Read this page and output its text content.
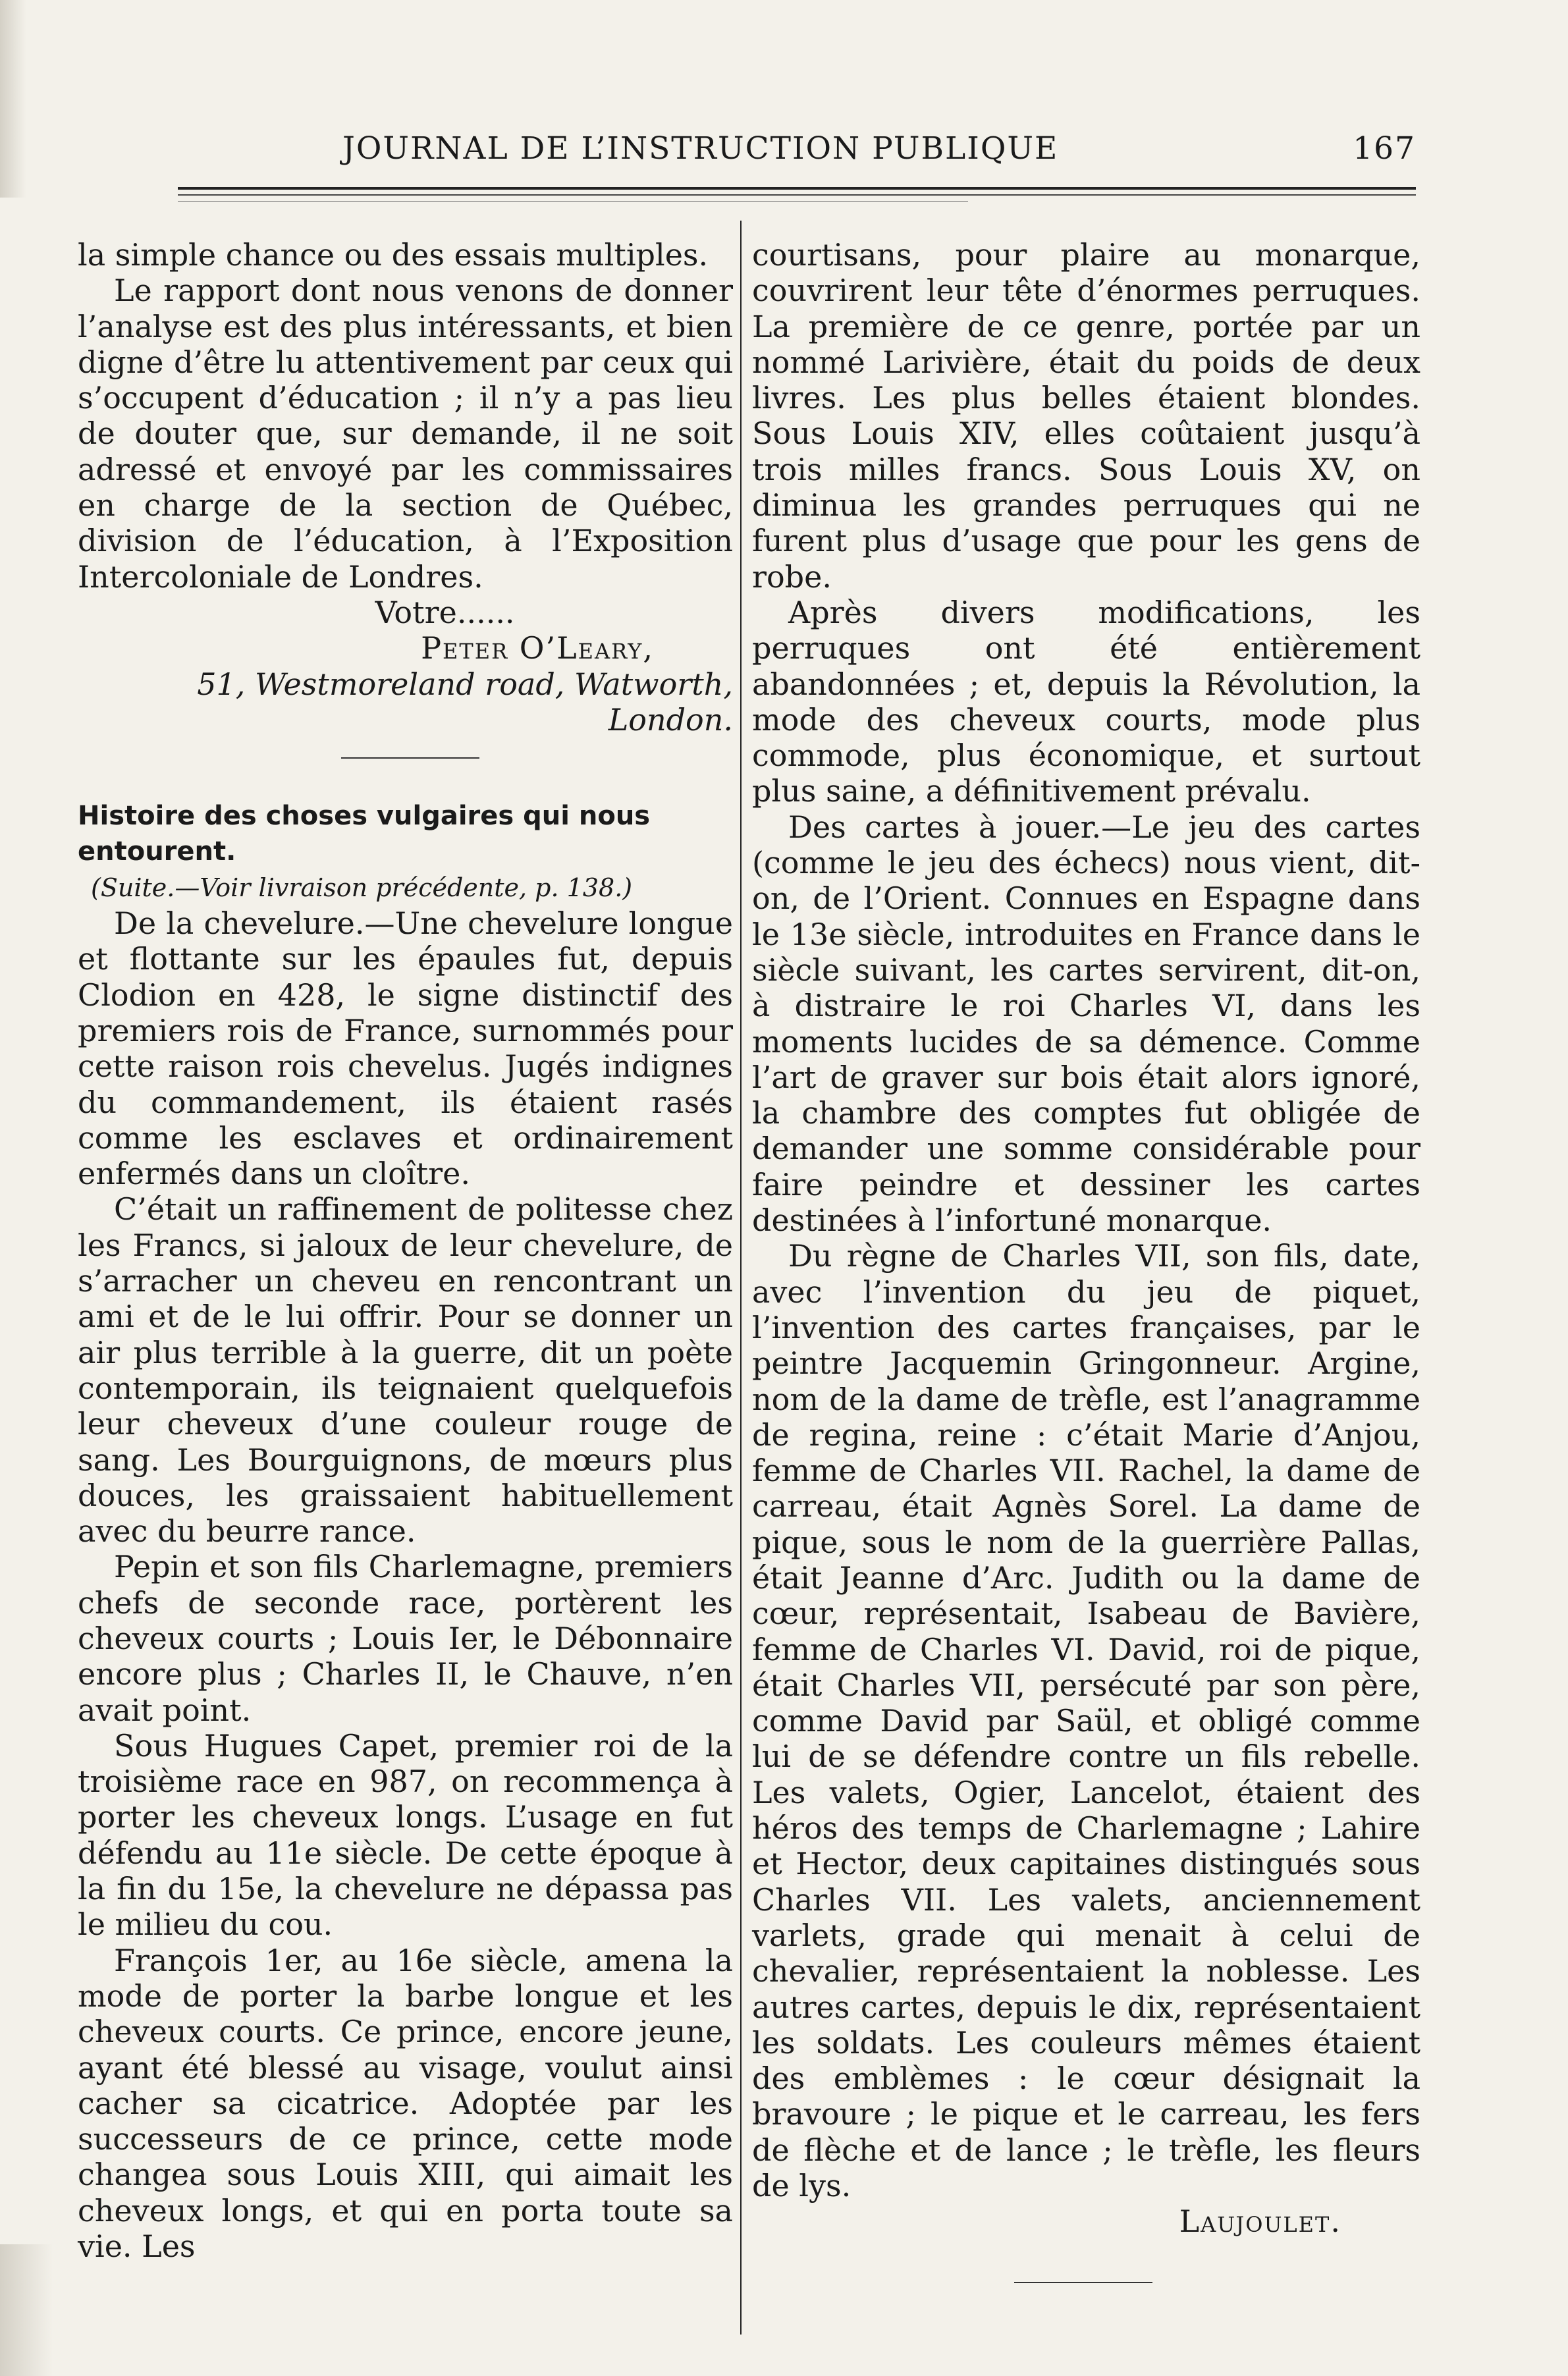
JOURNAL DE L’INSTRUCTION PUBLIQUE	167

la simple chance ou des essais multiples.

Le rapport dont nous venons de donner l’analyse est des plus intéressants, et bien digne d’être lu attentivement par ceux qui s’occupent d’éducation ; il n’y a pas lieu de douter que, sur demande, il ne soit adressé et envoyé par les commissaires en charge de la section de Québec, division de l’éducation, à l’Exposition Intercoloniale de Londres.

Votre......

Peter O’Leary,

51, Westmoreland road, Watworth, London.

Histoire des choses vulgaires qui nous entourent.

(Suite.—Voir livraison précédente, p. 138.)

De la chevelure.—Une chevelure longue et flottante sur les épaules fut, depuis Clodion en 428, le signe distinctif des premiers rois de France, surnommés pour cette raison rois chevelus. Jugés indignes du commandement, ils étaient rasés comme les esclaves et ordinairement enfermés dans un cloître.

C’était un raffinement de politesse chez les Francs, si jaloux de leur chevelure, de s’arracher un cheveu en rencontrant un ami et de le lui offrir. Pour se donner un air plus terrible à la guerre, dit un poète contemporain, ils teignaient quelquefois leur cheveux d’une couleur rouge de sang. Les Bourguignons, de mœurs plus douces, les graissaient habituellement avec du beurre rance.

Pepin et son fils Charlemagne, premiers chefs de seconde race, portèrent les cheveux courts ; Louis Ier, le Débonnaire encore plus ; Charles II, le Chauve, n’en avait point.

Sous Hugues Capet, premier roi de la troisième race en 987, on recommença à porter les cheveux longs. L’usage en fut défendu au 11e siècle. De cette époque à la fin du 15e, la chevelure ne dépassa pas le milieu du cou.

François 1er, au 16e siècle, amena la mode de porter la barbe longue et les cheveux courts. Ce prince, encore jeune, ayant été blessé au visage, voulut ainsi cacher sa cicatrice. Adoptée par les successeurs de ce prince, cette mode changea sous Louis XIII, qui aimait les cheveux longs, et qui en porta toute sa vie. Les

courtisans, pour plaire au monarque, couvrirent leur tête d’énormes perruques. La première de ce genre, portée par un nommé Larivière, était du poids de deux livres. Les plus belles étaient blondes. Sous Louis XIV, elles coûtaient jusqu’à trois milles francs. Sous Louis XV, on diminua les grandes perruques qui ne furent plus d’usage que pour les gens de robe.

Après divers modifications, les perruques ont été entièrement abandonnées ; et, depuis la Révolution, la mode des cheveux courts, mode plus commode, plus économique, et surtout plus saine, a définitivement prévalu.

Des cartes à jouer.—Le jeu des cartes (comme le jeu des échecs) nous vient, dit-on, de l’Orient. Connues en Espagne dans le 13e siècle, introduites en France dans le siècle suivant, les cartes servirent, dit-on, à distraire le roi Charles VI, dans les moments lucides de sa démence. Comme l’art de graver sur bois était alors ignoré, la chambre des comptes fut obligée de demander une somme considérable pour faire peindre et dessiner les cartes destinées à l’infortuné monarque.

Du règne de Charles VII, son fils, date, avec l’invention du jeu de piquet, l’invention des cartes françaises, par le peintre Jacquemin Gringonneur. Argine, nom de la dame de trèfle, est l’anagramme de regina, reine : c’était Marie d’Anjou, femme de Charles VII. Rachel, la dame de carreau, était Agnès Sorel. La dame de pique, sous le nom de la guerrière Pallas, était Jeanne d’Arc. Judith ou la dame de cœur, représentait, Isabeau de Bavière, femme de Charles VI. David, roi de pique, était Charles VII, persécuté par son père, comme David par Saül, et obligé comme lui de se défendre contre un fils rebelle. Les valets, Ogier, Lancelot, étaient des héros des temps de Charlemagne ; Lahire et Hector, deux capitaines distingués sous Charles VII. Les valets, anciennement varlets, grade qui menait à celui de chevalier, représentaient la noblesse. Les autres cartes, depuis le dix, représentaient les soldats. Les couleurs mêmes étaient des emblèmes : le cœur désignait la bravoure ; le pique et le carreau, les fers de flèche et de lance ; le trèfle, les fleurs de lys.

Laujoulet.
